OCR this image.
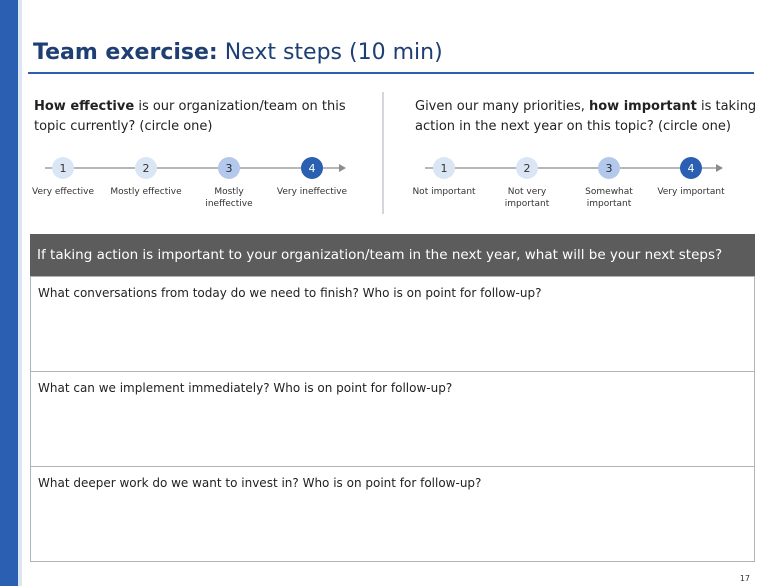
Team exercise: Next steps (10 min)
How effective is our organization/team on this topic currently? (circle one)
Given our many priorities, how important is taking action in the next year on this topic? (circle one)
1	2	3	4	1	2	3	4
Very effective	Mostly effective	Mostly ineffective
Very ineffective	Not important	Not very important
Somewhat important
Very important
If taking action is important to your organization/team in the next year, what will be your next steps?
What conversations from today do we need to finish? Who is on point for follow-up?
What can we implement immediately? Who is on point for follow-up?
What deeper work do we want to invest in? Who is on point for follow-up?
17
